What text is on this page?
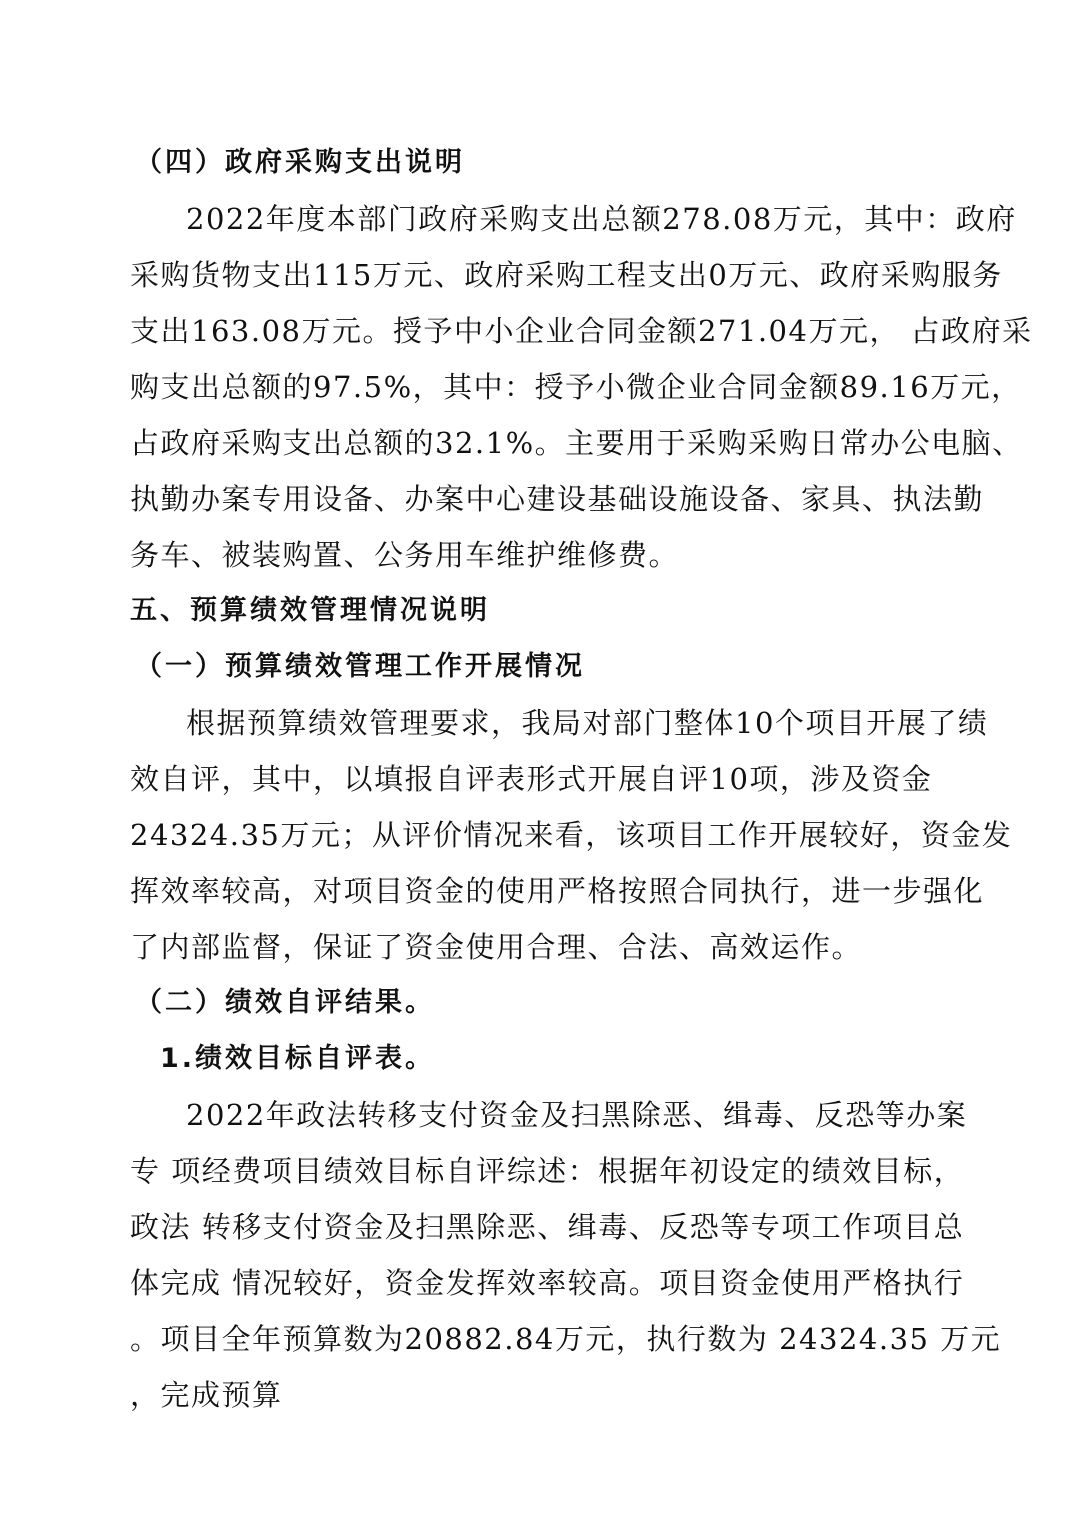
（四）政府采购支出说明
2022年度本部门政府采购支出总额278.08万元，其中：政府
采购货物支出115万元、政府采购工程支出0万元、政府采购服务
支出163.08万元。授予中小企业合同金额271.04万元， 占政府采
购支出总额的97.5%，其中：授予小微企业合同金额89.16万元，
占政府采购支出总额的32.1%。主要用于采购采购日常办公电脑、
执勤办案专用设备、办案中心建设基础设施设备、家具、执法勤
务车、被装购置、公务用车维护维修费。
五、预算绩效管理情况说明
（一）预算绩效管理工作开展情况
根据预算绩效管理要求，我局对部门整体10个项目开展了绩
效自评，其中，以填报自评表形式开展自评10项，涉及资金
24324.35万元；从评价情况来看，该项目工作开展较好，资金发
挥效率较高，对项目资金的使用严格按照合同执行，进一步强化
了内部监督，保证了资金使用合理、合法、高效运作。
（二）绩效自评结果。
1.绩效目标自评表。
2022年政法转移支付资金及扫黑除恶、缉毒、反恐等办案
专 项经费项目绩效目标自评综述：根据年初设定的绩效目标，
政法 转移支付资金及扫黑除恶、缉毒、反恐等专项工作项目总
体完成 情况较好，资金发挥效率较高。项目资金使用严格执行
。项目全年预算数为20882.84万元，执行数为 24324.35 万元
，完成预算
